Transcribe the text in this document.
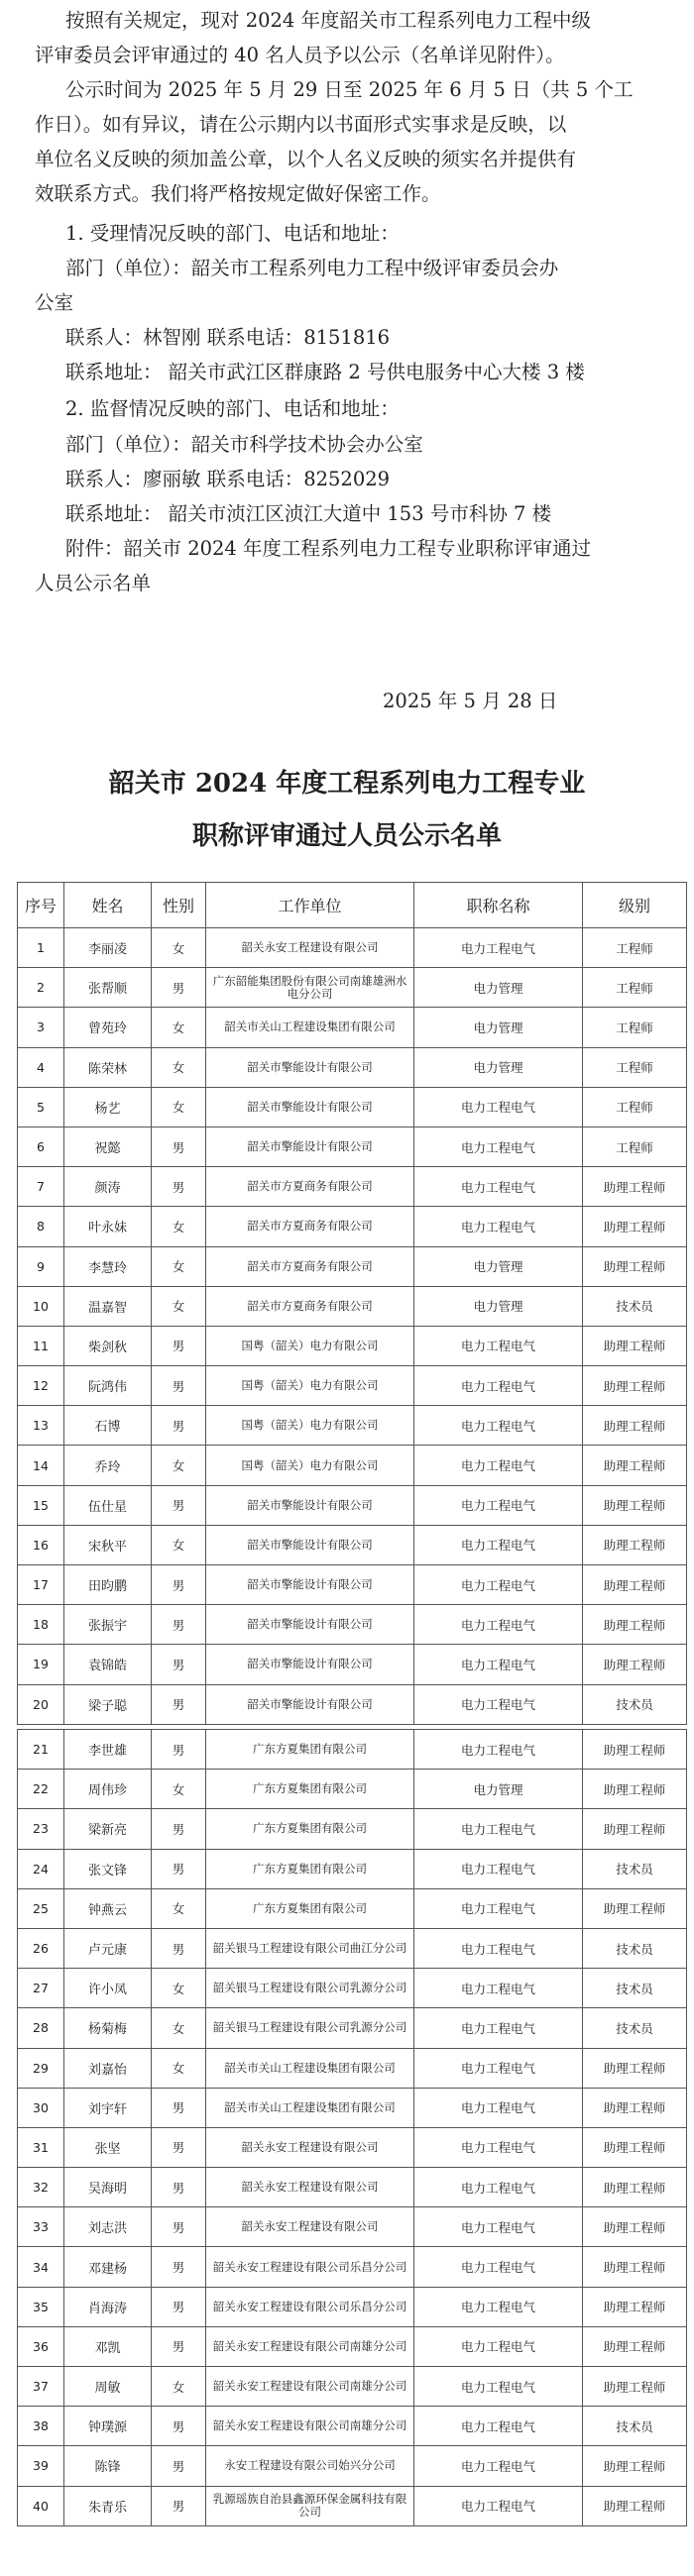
按照有关规定，现对 2024 年度韶关市工程系列电力工程中级
评审委员会评审通过的 40 名人员予以公示（名单详见附件）。
公示时间为 2025 年 5 月 29 日至 2025 年 6 月 5 日（共 5 个工
作日）。如有异议，请在公示期内以书面形式实事求是反映，以
单位名义反映的须加盖公章，以个人名义反映的须实名并提供有
效联系方式。我们将严格按规定做好保密工作。
1. 受理情况反映的部门、电话和地址：
部门（单位）：韶关市工程系列电力工程中级评审委员会办
公室
联系人：林智刚 联系电话：8151816
联系地址： 韶关市武江区群康路 2 号供电服务中心大楼 3 楼
2. 监督情况反映的部门、电话和地址：
部门（单位）：韶关市科学技术协会办公室
联系人：廖丽敏 联系电话：8252029
联系地址： 韶关市浈江区浈江大道中 153 号市科协 7 楼
附件：韶关市 2024 年度工程系列电力工程专业职称评审通过
人员公示名单
2025 年 5 月 28 日
韶关市 2024 年度工程系列电力工程专业
职称评审通过人员公示名单
序号	姓名	性别	工作单位	职称名称	级别
1	李丽凌	女	韶关永安工程建设有限公司	电力工程电气	工程师
2	张帮顺	男	广东韶能集团股份有限公司南雄雄洲水电分公司	电力管理	工程师
3	曾苑玲	女	韶关市关山工程建设集团有限公司	电力管理	工程师
4	陈荣林	女	韶关市擎能设计有限公司	电力管理	工程师
5	杨艺	女	韶关市擎能设计有限公司	电力工程电气	工程师
6	祝懿	男	韶关市擎能设计有限公司	电力工程电气	工程师
7	颜涛	男	韶关市方夏商务有限公司	电力工程电气	助理工程师
8	叶永妹	女	韶关市方夏商务有限公司	电力工程电气	助理工程师
9	李慧玲	女	韶关市方夏商务有限公司	电力管理	助理工程师
10	温嘉智	女	韶关市方夏商务有限公司	电力管理	技术员
11	柴剑秋	男	国粤（韶关）电力有限公司	电力工程电气	助理工程师
12	阮鸿伟	男	国粤（韶关）电力有限公司	电力工程电气	助理工程师
13	石博	男	国粤（韶关）电力有限公司	电力工程电气	助理工程师
14	乔玲	女	国粤（韶关）电力有限公司	电力工程电气	助理工程师
15	伍仕星	男	韶关市擎能设计有限公司	电力工程电气	助理工程师
16	宋秋平	女	韶关市擎能设计有限公司	电力工程电气	助理工程师
17	田昀鹏	男	韶关市擎能设计有限公司	电力工程电气	助理工程师
18	张振宇	男	韶关市擎能设计有限公司	电力工程电气	助理工程师
19	袁锦皓	男	韶关市擎能设计有限公司	电力工程电气	助理工程师
20	梁子聪	男	韶关市擎能设计有限公司	电力工程电气	技术员
21	李世雄	男	广东方夏集团有限公司	电力工程电气	助理工程师
22	周伟珍	女	广东方夏集团有限公司	电力管理	助理工程师
23	梁新亮	男	广东方夏集团有限公司	电力工程电气	助理工程师
24	张文锋	男	广东方夏集团有限公司	电力工程电气	技术员
25	钟燕云	女	广东方夏集团有限公司	电力工程电气	助理工程师
26	卢元康	男	韶关银马工程建设有限公司曲江分公司	电力工程电气	技术员
27	许小凤	女	韶关银马工程建设有限公司乳源分公司	电力工程电气	技术员
28	杨菊梅	女	韶关银马工程建设有限公司乳源分公司	电力工程电气	技术员
29	刘嘉怡	女	韶关市关山工程建设集团有限公司	电力工程电气	助理工程师
30	刘宇轩	男	韶关市关山工程建设集团有限公司	电力工程电气	助理工程师
31	张坚	男	韶关永安工程建设有限公司	电力工程电气	助理工程师
32	吴海明	男	韶关永安工程建设有限公司	电力工程电气	助理工程师
33	刘志洪	男	韶关永安工程建设有限公司	电力工程电气	助理工程师
34	邓建杨	男	韶关永安工程建设有限公司乐昌分公司	电力工程电气	助理工程师
35	肖海涛	男	韶关永安工程建设有限公司乐昌分公司	电力工程电气	助理工程师
36	邓凯	男	韶关永安工程建设有限公司南雄分公司	电力工程电气	助理工程师
37	周敏	女	韶关永安工程建设有限公司南雄分公司	电力工程电气	助理工程师
38	钟璞源	男	韶关永安工程建设有限公司南雄分公司	电力工程电气	技术员
39	陈锋	男	永安工程建设有限公司始兴分公司	电力工程电气	助理工程师
40	朱青乐	男	乳源瑶族自治县鑫源环保金属科技有限公司	电力工程电气	助理工程师
